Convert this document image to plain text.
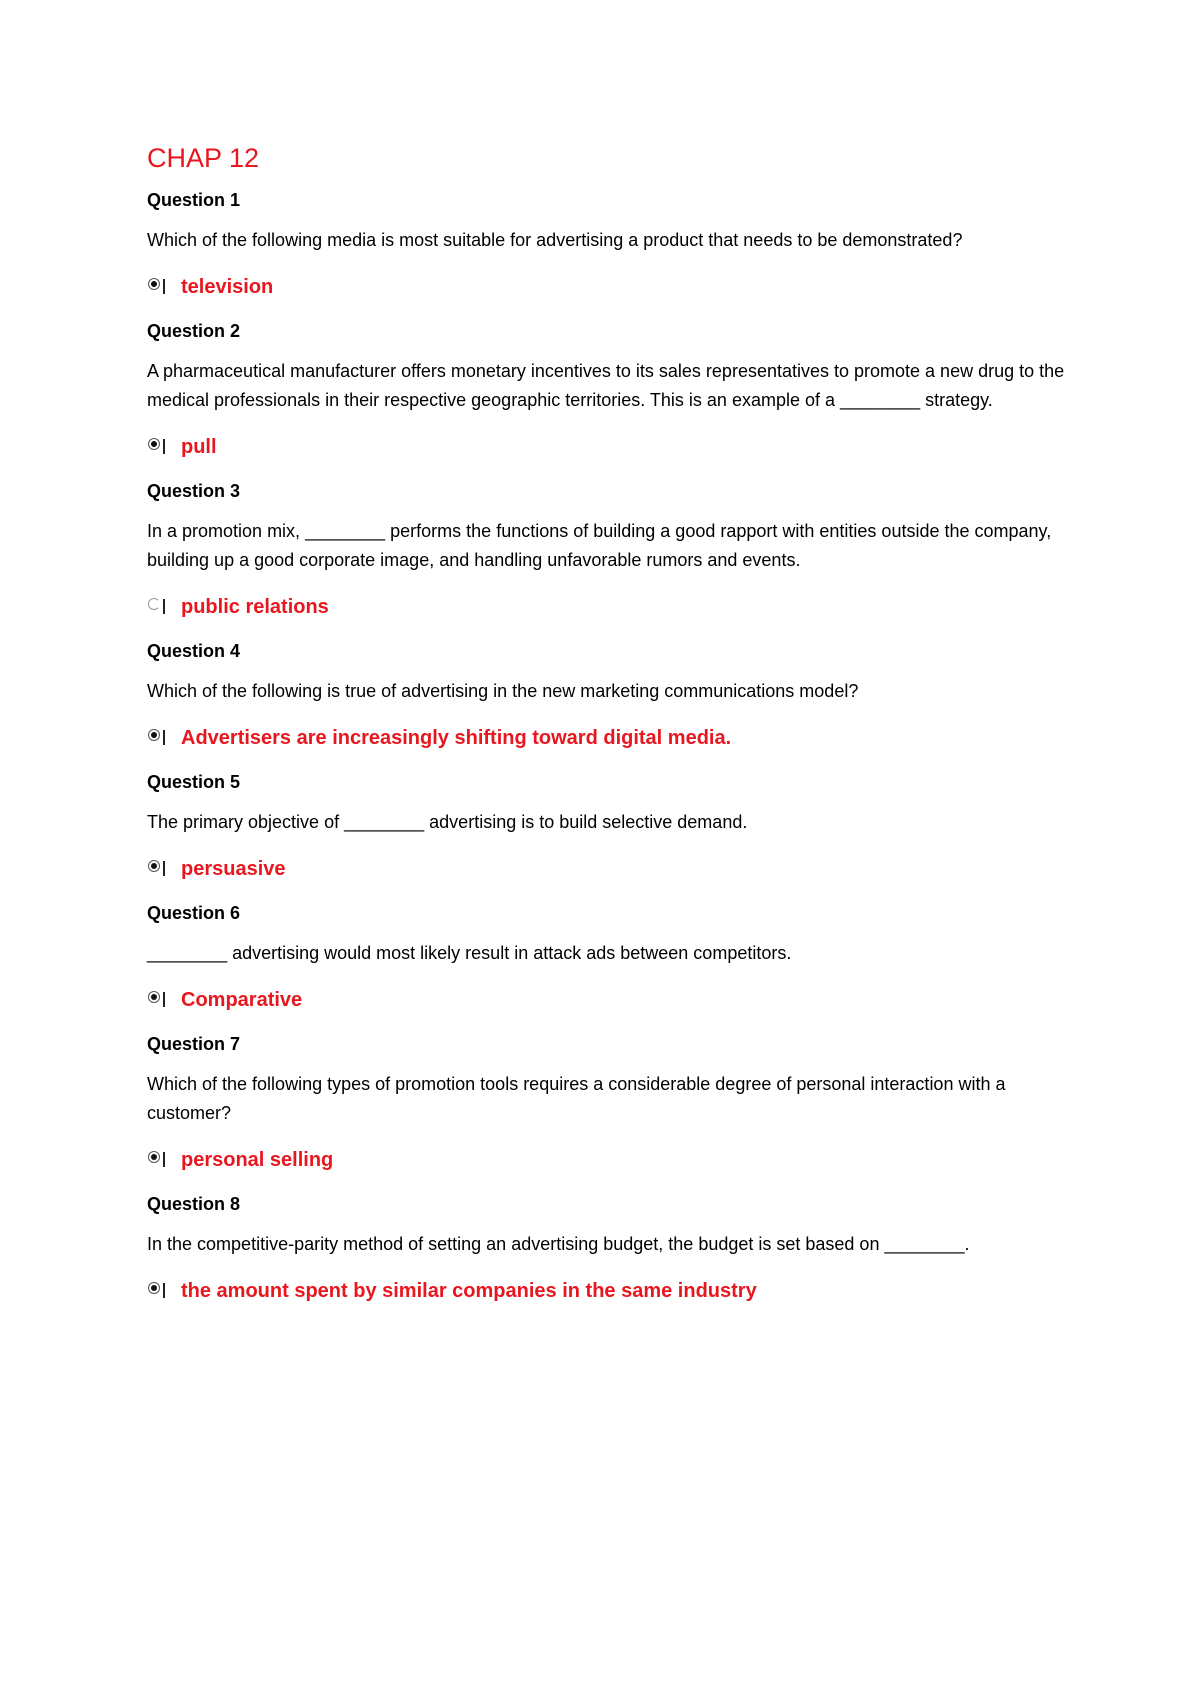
CHAP 12
Question 1
Which of the following media is most suitable for advertising a product that needs to be demonstrated?
television
Question 2
A pharmaceutical manufacturer offers monetary incentives to its sales representatives to promote a new drug to the medical professionals in their respective geographic territories. This is an example of a ________ strategy.
pull
Question 3
In a promotion mix, ________ performs the functions of building a good rapport with entities outside the company, building up a good corporate image, and handling unfavorable rumors and events.
public relations
Question 4
Which of the following is true of advertising in the new marketing communications model?
Advertisers are increasingly shifting toward digital media.
Question 5
The primary objective of ________ advertising is to build selective demand.
persuasive
Question 6
________ advertising would most likely result in attack ads between competitors.
Comparative
Question 7
Which of the following types of promotion tools requires a considerable degree of personal interaction with a customer?
personal selling
Question 8
In the competitive-parity method of setting an advertising budget, the budget is set based on ________.
the amount spent by similar companies in the same industry
